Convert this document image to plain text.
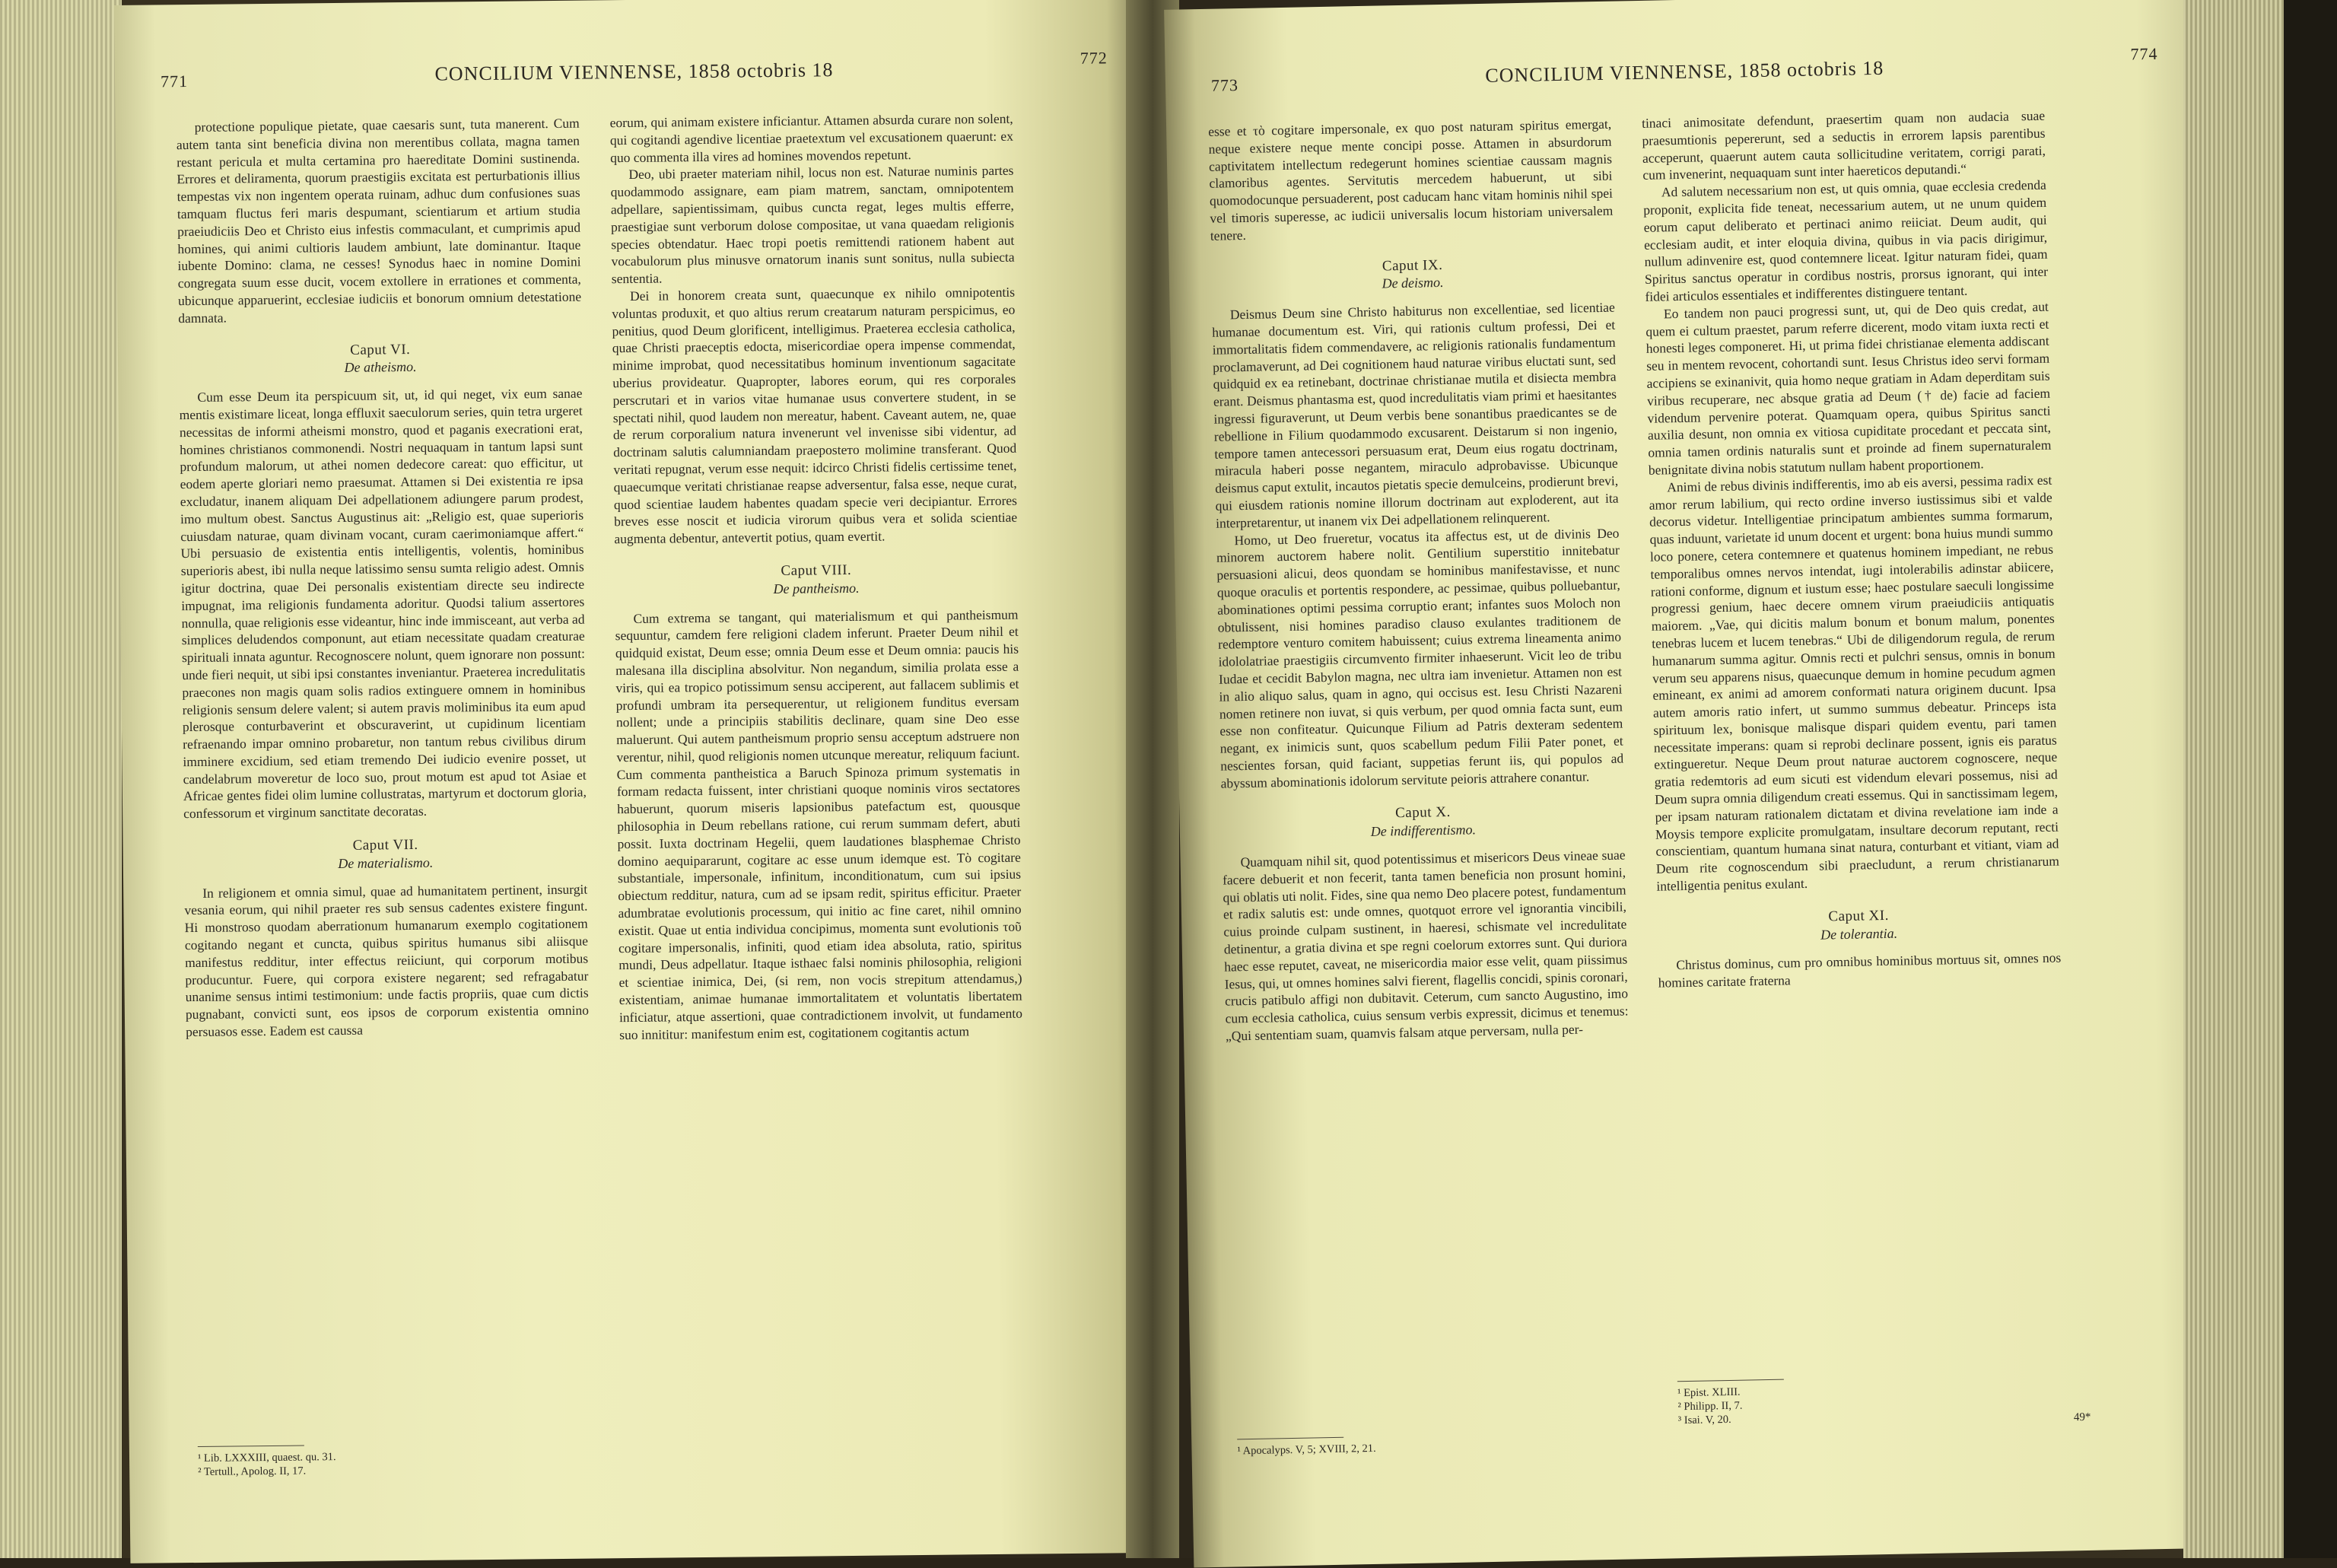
771	CONCILIUM VIENNENSE, 1858 octobris 18
772

protectione populique pietate, quae caesaris sunt, tuta manerent. Cum autem tanta sint beneficia divina non merentibus collata, magna tamen restant pericula et multa certamina pro haereditate Domini sustinenda. Errores et deliramenta, quorum praestigiis excitata est perturbationis illius tempestas vix non ingentem operata ruinam, adhuc dum confusiones suas tamquam fluctus feri maris despumant, scientiarum et artium studia praeiudiciis Deo et Christo eius infestis commaculant, et cumprimis apud homines, qui animi cultioris laudem ambiunt, late dominantur. Itaque iubente Domino: clama, ne cesses! Synodus haec in nomine Domini congregata suum esse ducit, vocem extollere in errationes et commenta, ubicunque apparuerint, ecclesiae iudiciis et bonorum omnium detestatione damnata.

Caput VI.

De atheismo.

Cum esse Deum ita perspicuum sit, ut, id qui neget, vix eum sanae mentis existimare liceat, longa effluxit saeculorum series, quin tetra urgeret necessitas de informi atheismi monstro, quod et paganis execrationi erat, homines christianos commonendi. Nostri nequaquam in tantum lapsi sunt profundum malorum, ut athei nomen dedecore careat: quo efficitur, ut eodem aperte gloriari nemo praesumat. Attamen si Dei existentia re ipsa excludatur, inanem aliquam Dei adpellationem adiungere parum prodest, imo multum obest. Sanctus Augustinus ait: „Religio est, quae superioris cuiusdam naturae, quam divinam vocant, curam caerimoniamque affert.“ Ubi persuasio de existentia entis intelligentis, volentis, hominibus superioris abest, ibi nulla neque latissimo sensu sumta religio adest. Omnis igitur doctrina, quae Dei personalis existentiam directe seu indirecte impugnat, ima religionis fundamenta adoritur. Quodsi talium assertores nonnulla, quae religionis esse videantur, hinc inde immisceant, aut verba ad simplices deludendos componunt, aut etiam necessitate quadam creaturae spirituali innata aguntur. Recognoscere nolunt, quem ignorare non possunt: unde fieri nequit, ut sibi ipsi constantes inveniantur. Praeterea incredulitatis praecones non magis quam solis radios extinguere omnem in hominibus religionis sensum delere valent; si autem pravis moliminibus ita eum apud plerosque conturbaverint et obscuraverint, ut cupidinum licentiam refraenando impar omnino probaretur, non tantum rebus civilibus dirum imminere excidium, sed etiam tremendo Dei iudicio evenire posset, ut candelabrum moveretur de loco suo, prout motum est apud tot Asiae et Africae gentes fidei olim lumine collustratas, martyrum et doctorum gloria, confessorum et virginum sanctitate decoratas.

Caput VII.

De materialismo.

In religionem et omnia simul, quae ad humanitatem pertinent, insurgit vesania eorum, qui nihil praeter res sub sensus cadentes existere fingunt. Hi monstroso quodam aberrationum humanarum exemplo cogitationem cogitando negant et cuncta, quibus spiritus humanus sibi aliisque manifestus redditur, inter effectus reiiciunt, qui corporum motibus producuntur. Fuere, qui corpora existere negarent; sed refragabatur unanime sensus intimi testimonium: unde factis propriis, quae cum dictis pugnabant, convicti sunt, eos ipsos de corporum existentia omnino persuasos esse. Eadem est caussa

eorum, qui animam existere inficiantur. Attamen absurda curare non solent, qui cogitandi agendive licentiae praetextum vel excusationem quaerunt: ex quo commenta illa vires ad homines movendos repetunt.

Deo, ubi praeter materiam nihil, locus non est. Naturae numinis partes quodammodo assignare, eam piam matrem, sanctam, omnipotentem adpellare, sapientissimam, quibus cuncta regat, leges multis efferre, praestigiae sunt verborum dolose compositae, ut vana quaedam religionis species obtendatur. Haec tropi poetis remittendi rationem habent aut vocabulorum plus minusve ornatorum inanis sunt sonitus, nulla subiecta sententia.

Dei in honorem creata sunt, quaecunque ex nihilo omnipotentis voluntas produxit, et quo altius rerum creatarum naturam perspicimus, eo penitius, quod Deum glorificent, intelligimus. Praeterea ecclesia catholica, quae Christi praeceptis edocta, misericordiae opera impense commendat, minime improbat, quod necessitatibus hominum inventionum sagacitate uberius provideatur. Quapropter, labores eorum, qui res corporales perscrutari et in varios vitae humanae usus convertere student, in se spectati nihil, quod laudem non mereatur, habent. Caveant autem, ne, quae de rerum corporalium natura invenerunt vel invenisse sibi videntur, ad doctrinam salutis calumniandam praeposteтo molimine transferant. Quod veritati repugnat, verum esse nequit: idcirco Christi fidelis certissime tenet, quaecumque veritati christianae reapse adversentur, falsa esse, neque curat, quod scientiae laudem habentes quadam specie veri decipiantur. Errores breves esse noscit et iudicia virorum quibus vera et solida scientiae augmenta debentur, antevertit potius, quam evertit.

Caput VIII.

De pantheismo.

Cum extrema se tangant, qui materialismum et qui pantheismum sequuntur, camdem fere religioni cladem inferunt. Praeter Deum nihil et quidquid existat, Deum esse; omnia Deum esse et Deum omnia: paucis his malesana illa disciplina absolvitur. Non negandum, similia prolata esse a viris, qui ea tropico potissimum sensu acciperent, aut fallacem sublimis et profundi umbram ita persequerentur, ut religionem funditus eversam nollent; unde a principiis stabilitis declinare, quam sine Deo esse maluerunt. Qui autem pantheismum proprio sensu acceptum adstruere non verentur, nihil, quod religionis nomen utcunque mereatur, reliquum faciunt. Cum commenta pantheistica a Baruch Spinoza primum systematis in formam redacta fuissent, inter christiani quoque nominis viros sectatores habuerunt, quorum miseris lapsionibus patefactum est, quousque philosophia in Deum rebellans ratione, cui rerum summam defert, abuti possit. Iuxta doctrinam Hegelii, quem laudationes blasphemae Christo domino aequipararunt, cogitare ac esse unum idemque est. Τὸ cogitare substantiale, impersonale, infinitum, inconditionatum, cum sui ipsius obiectum redditur, natura, cum ad se ipsam redit, spiritus efficitur. Praeter adumbratae evolutionis processum, qui initio ac fine caret, nihil omnino existit. Quae ut entia individua concipimus, momenta sunt evolutionis τοῦ cogitare impersonalis, infiniti, quod etiam idea absoluta, ratio, spiritus mundi, Deus adpellatur. Itaque isthaec falsi nominis philosophia, religioni et scientiae inimica, Dei, (si rem, non vocis strepitum attendamus,) existentiam, animae humanae immortalitatem et voluntatis libertatem inficiatur, atque assertioni, quae contradictionem involvit, ut fundamento suo innititur: manifestum enim est, cogitationem cogitantis actum

¹ Lib. LXXXIII, quaest. qu. 31.
² Tertull., Apolog. II, 17.
773	CONCILIUM VIENNENSE, 1858 octobris 18
774

esse et τὸ cogitare impersonale, ex quo post naturam spiritus emergat, neque existere neque mente concipi posse. Attamen in absurdorum captivitatem intellectum redegerunt homines scientiae caussam magnis clamoribus agentes. Servitutis mercedem habuerunt, ut sibi quomodocunque persuaderent, post caducam hanc vitam hominis nihil spei vel timoris superesse, ac iudicii universalis locum historiam universalem tenere.

Caput IX.

De deismo.

Deismus Deum sine Christo habiturus non excellentiae, sed licentiae humanae documentum est. Viri, qui rationis cultum professi, Dei et immortalitatis fidem commendavere, ac religionis rationalis fundamentum proclamaverunt, ad Dei cognitionem haud naturae viribus eluctati sunt, sed quidquid ex ea retinebant, doctrinae christianae mutila et disiecta membra erant. Deismus phantasma est, quod incredulitatis viam primi et haesitantes ingressi figuraverunt, ut Deum verbis bene sonantibus praedicantes se de rebellione in Filium quodammodo excusarent. Deistarum si non ingenio, tempore tamen antecessori persuasum erat, Deum eius rogatu doctrinam, miracula haberi posse negantem, miraculo adprobavisse. Ubicunque deismus caput extulit, incautos pietatis specie demulceins, prodierunt brevi, qui eiusdem rationis nomine illorum doctrinam aut exploderent, aut ita interpretarentur, ut inanem vix Dei adpellationem relinquerent.

Homo, ut Deo frueretur, vocatus ita affectus est, ut de divinis Deo minorem auctorem habere nolit. Gentilium superstitio innitebatur persuasioni alicui, deos quondam se hominibus manifestavisse, et nunc quoque oraculis et portentis respondere, ac pessimae, quibus polluebantur, abominationes optimi pessima corruptio erant; infantes suos Moloch non obtulissent, nisi homines paradiso clauso exulantes traditionem de redemptore venturo comitem habuissent; cuius extrema lineamenta animo idololatriae praestigiis circumvento firmiter inhaeserunt. Vicit leo de tribu Iudae et cecidit Babylon magna, nec ultra iam invenietur. Attamen non est in alio aliquo salus, quam in agno, qui occisus est. Iesu Christi Nazareni nomen retinere non iuvat, si quis verbum, per quod omnia facta sunt, eum esse non confiteatur. Quicunque Filium ad Patris dexteram sedentem negant, ex inimicis sunt, quos scabellum pedum Filii Pater ponet, et nescientes forsan, quid faciant, suppetias ferunt iis, qui populos ad abyssum abominationis idolorum servitute peioris attrahere conantur.

Caput X.

De indifferentismo.

Quamquam nihil sit, quod potentissimus et misericors Deus vineae suae facere debuerit et non fecerit, tanta tamen beneficia non prosunt homini, qui oblatis uti nolit. Fides, sine qua nemo Deo placere potest, fundamentum et radix salutis est: unde omnes, quotquot errore vel ignorantia vincibili, cuius proinde culpam sustinent, in haeresi, schismate vel incredulitate detinentur, a gratia divina et spe regni coelorum extorres sunt. Qui duriora haec esse reputet, caveat, ne misericordia maior esse velit, quam piissimus Iesus, qui, ut omnes homines salvi fierent, flagellis concidi, spinis coronari, crucis patibulo affigi non dubitavit. Ceterum, cum sancto Augustino, imo cum ecclesia catholica, cuius sensum verbis expressit, dicimus et tenemus: „Qui sententiam suam, quamvis falsam atque perversam, nulla per-

tinaci animositate defendunt, praesertim quam non audacia suae praesumtionis pepererunt, sed a seductis in errorem lapsis parentibus acceperunt, quaerunt autem cauta sollicitudine veritatem, corrigi parati, cum invenerint, nequaquam sunt inter haereticos deputandi.“

Ad salutem necessarium non est, ut quis omnia, quae ecclesia credenda proponit, explicita fide teneat, necessarium autem, ut ne unum quidem eorum caput deliberato et pertinaci animo reiiciat. Deum audit, qui ecclesiam audit, et inter eloquia divina, quibus in via pacis dirigimur, nullum adinvenire est, quod contemnere liceat. Igitur naturam fidei, quam Spiritus sanctus operatur in cordibus nostris, prorsus ignorant, qui inter fidei articulos essentiales et indifferentes distinguere tentant.

Eo tandem non pauci progressi sunt, ut, qui de Deo quis credat, aut quem ei cultum praestet, parum referre dicerent, modo vitam iuxta recti et honesti leges componeret. Hi, ut prima fidei christianae elementa addiscant seu in mentem revocent, cohortandi sunt. Iesus Christus ideo servi formam accipiens se exinanivit, quia homo neque gratiam in Adam deperditam suis viribus recuperare, nec absque gratia ad Deum († de) facie ad faciem videndum pervenire poterat. Quamquam opera, quibus Spiritus sancti auxilia desunt, non omnia ex vitiosa cupiditate procedant et peccata sint, omnia tamen ordinis naturalis sunt et proinde ad finem supernaturalem benignitate divina nobis statutum nullam habent proportionem.

Animi de rebus divinis indifferentis, imo ab eis aversi, pessima radix est amor rerum labilium, qui recto ordine inverso iustissimus sibi et valde decorus videtur. Intelligentiae principatum ambientes summa formarum, quas induunt, varietate id unum docent et urgent: bona huius mundi summo loco ponere, cetera contemnere et quatenus hominem impediant, ne rebus temporalibus omnes nervos intendat, iugi intolerabilis adinstar abiicere, rationi conforme, dignum et iustum esse; haec postulare saeculi longissime progressi genium, haec decere omnem virum praeiudiciis antiquatis maiorem. „Vae, qui dicitis malum bonum et bonum malum, ponentes tenebras lucem et lucem tenebras.“ Ubi de diligendorum regula, de rerum humanarum summa agitur. Omnis recti et pulchri sensus, omnis in bonum verum seu apparens nisus, quaecunque demum in homine pecudum agmen emineant, ex animi ad amorem conformati natura originem ducunt. Ipsa autem amoris ratio infert, ut summo summus debeatur. Princeps ista spirituum lex, bonisque malisque dispari quidem eventu, pari tamen necessitate imperans: quam si reprobi declinare possent, ignis eis paratus extingueretur. Neque Deum prout naturae auctorem cognoscere, neque gratia redemtoris ad eum sicuti est videndum elevari possemus, nisi ad Deum supra omnia diligendum creati essemus. Qui in sanctissimam legem, per ipsam naturam rationalem dictatam et divina revelatione iam inde a Moysis tempore explicite promulgatam, insultare decorum reputant, recti conscientiam, quantum humana sinat natura, conturbant et vitiant, viam ad Deum rite cognoscendum sibi praecludunt, a rerum christianarum intelligentia penitus exulant.

Caput XI.

De tolerantia.

Christus dominus, cum pro omnibus hominibus mortuus sit, omnes nos homines caritate fraterna

¹ Apocalyps. V, 5; XVIII, 2, 21.
¹ Epist. XLIII.
² Philipp. II, 7.
³ Isai. V, 20.	49*
